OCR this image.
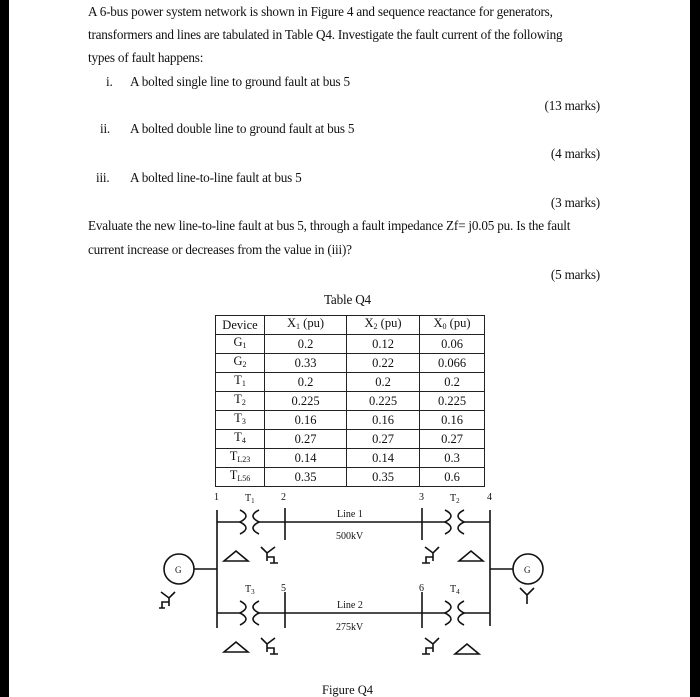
A 6-bus power system network is shown in Figure 4 and sequence reactance for generators,
transformers and lines are tabulated in Table Q4. Investigate the fault current of the following
types of fault happens:
i. A bolted single line to ground fault at bus 5
(13 marks)
ii. A bolted double line to ground fault at bus 5
(4 marks)
iii. A bolted line-to-line fault at bus 5
(3 marks)
Evaluate the new line-to-line fault at bus 5, through a fault impedance Zf= j0.05 pu. Is the fault
current increase or decreases from the value in (iii)?
(5 marks)
Table Q4
Device	$X_1$ (pu)	$X_2$ (pu)	$X_0$ (pu)
$G_1$	0.2	0.12	0.06
$G_2$	0.33	0.22	0.066
$T_1$	0.2	0.2	0.2
$T_2$	0.225	0.225	0.225
$T_3$	0.16	0.16	0.16
$T_4$	0.27	0.27	0.27
$T_{L23}$	0.14	0.14	0.3
$T_{L56}$	0.35	0.35	0.6
1	2	3	4
5	6
$T_1$	$T_2$
$T_3$	$T_4$
Line 1
500kV
Line 2
275kV
G	G
Figure Q4
